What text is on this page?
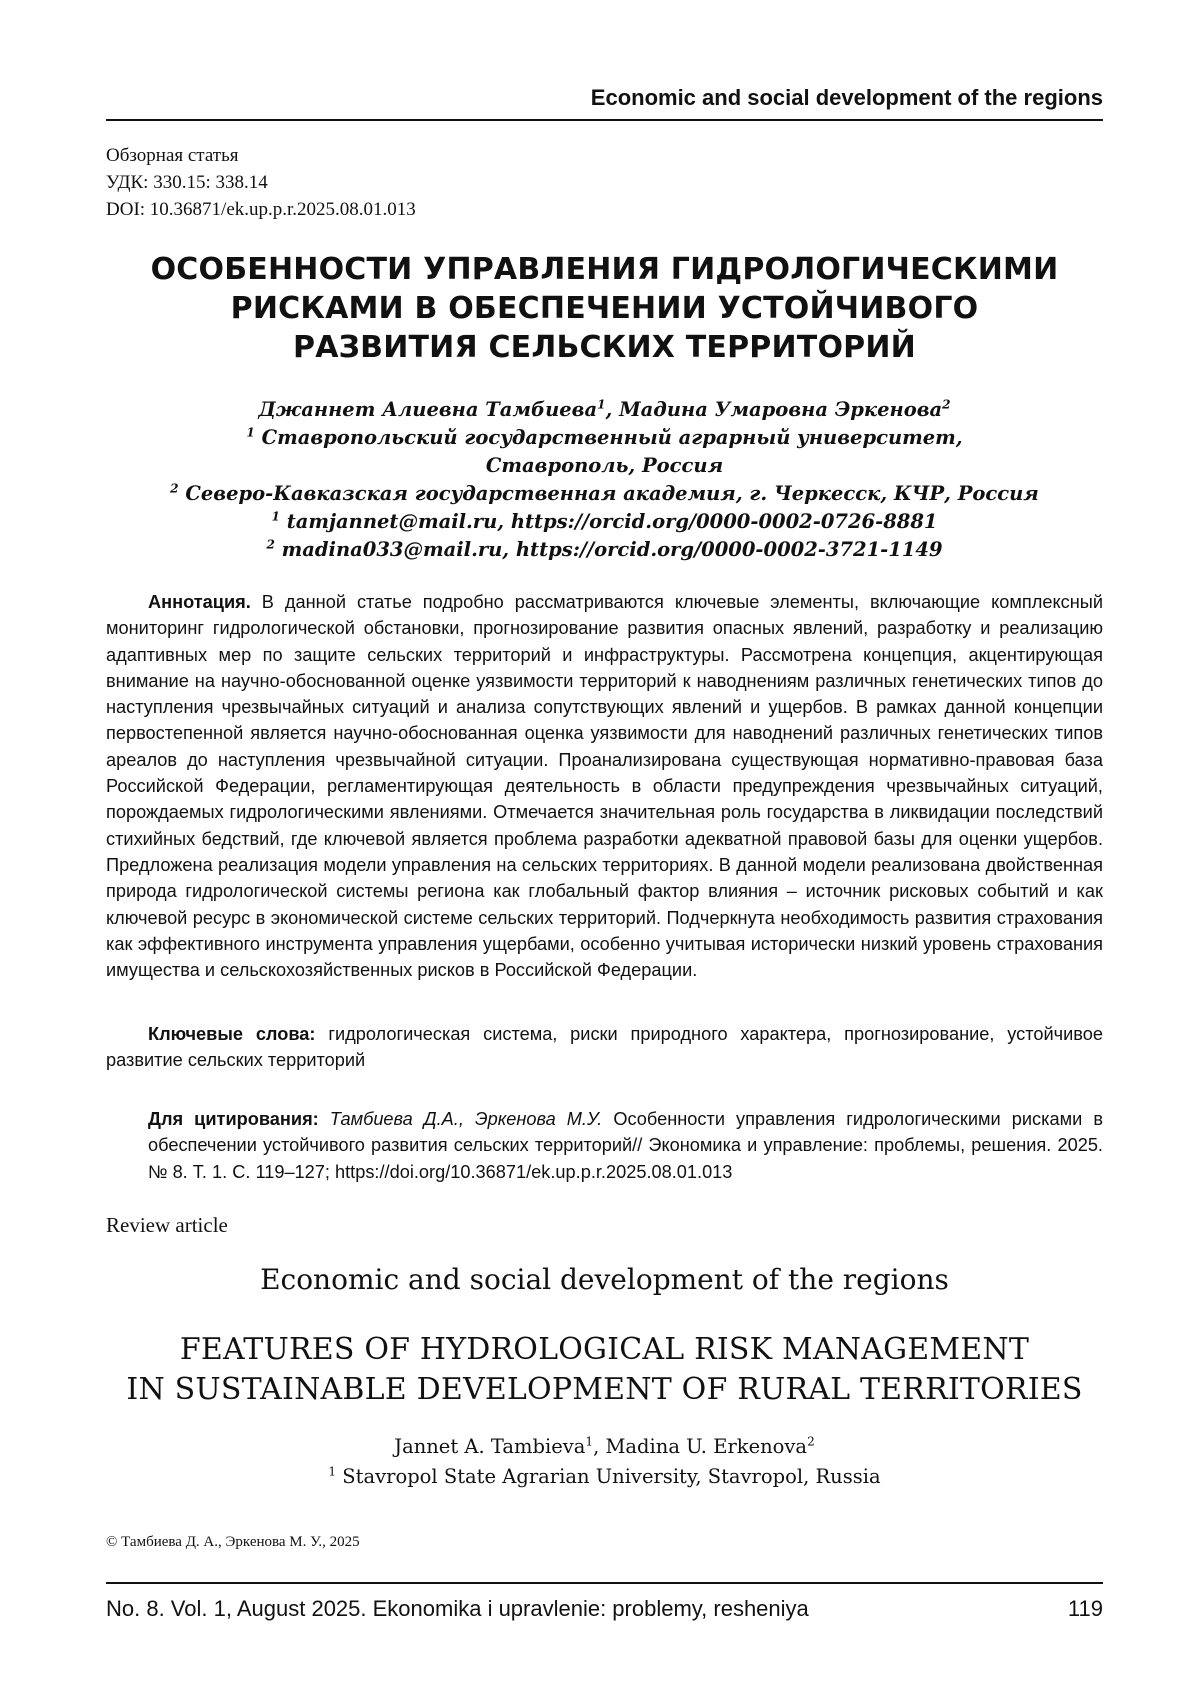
Economic and social development of the regions
Обзорная статья
УДК: 330.15: 338.14
DOI: 10.36871/ek.up.p.r.2025.08.01.013
ОСОБЕННОСТИ УПРАВЛЕНИЯ ГИДРОЛОГИЧЕСКИМИ
РИСКАМИ В ОБЕСПЕЧЕНИИ УСТОЙЧИВОГО
РАЗВИТИЯ СЕЛЬСКИХ ТЕРРИТОРИЙ
Джаннет Алиевна Тамбиева$^1$, Мадина Умаровна Эркенова$^2$
$^1$ Ставропольский государственный аграрный университет,
Ставрополь, Россия
$^2$ Северо-Кавказская государственная академия, г. Черкесск, КЧР, Россия
$^1$ tamjannet@mail.ru, https://orcid.org/0000-0002-0726-8881
$^2$ madina033@mail.ru, https://orcid.org/0000-0002-3721-1149
Аннотация. В данной статье подробно рассматриваются ключевые элементы, включающие комплексный мониторинг гидрологической обстановки, прогнозирование развития опасных явлений, разработку и реализацию адаптивных мер по защите сельских территорий и инфраструктуры. Рассмотрена концепция, акцентирующая внимание на научно-обоснованной оценке уязвимости территорий к наводнениям различных генетических типов до наступления чрезвычайных ситуаций и анализа сопутствующих явлений и ущербов. В рамках данной концепции первостепенной является научно-обоснованная оценка уязвимости для наводнений различных генетических типов ареалов до наступления чрезвычайной ситуации. Проанализирована существующая нормативно-правовая база Российской Федерации, регламентирующая деятельность в области предупреждения чрезвычайных ситуаций, порождаемых гидрологическими явлениями. Отмечается значительная роль государства в ликвидации последствий стихийных бедствий, где ключевой является проблема разработки адекватной правовой базы для оценки ущербов. Предложена реализация модели управления на сельских территориях. В данной модели реализована двойственная природа гидрологической системы региона как глобальный фактор влияния – источник рисковых событий и как ключевой ресурс в экономической системе сельских территорий. Подчеркнута необходимость развития страхования как эффективного инструмента управления ущербами, особенно учитывая исторически низкий уровень страхования имущества и сельскохозяйственных рисков в Российской Федерации.
Ключевые слова: гидрологическая система, риски природного характера, прогнозирование, устойчивое развитие сельских территорий
Для цитирования: Тамбиева Д.А., Эркенова М.У. Особенности управления гидрологическими рисками в обеспечении устойчивого развития сельских территорий// Экономика и управление: проблемы, решения. 2025. № 8. Т. 1. С. 119–127; https://doi.org/10.36871/ek.up.p.r.2025.08.01.013
Review article
Economic and social development of the regions
FEATURES OF HYDROLOGICAL RISK MANAGEMENT
IN SUSTAINABLE DEVELOPMENT OF RURAL TERRITORIES
Jannet A. Tambieva$^1$, Madina U. Erkenova$^2$
$^1$ Stavropol State Agrarian University, Stavropol, Russia
© Тамбиева Д. А., Эркенова М. У., 2025
No. 8. Vol. 1, August 2025. Ekonomika i upravlenie: problemy, resheniya	119
